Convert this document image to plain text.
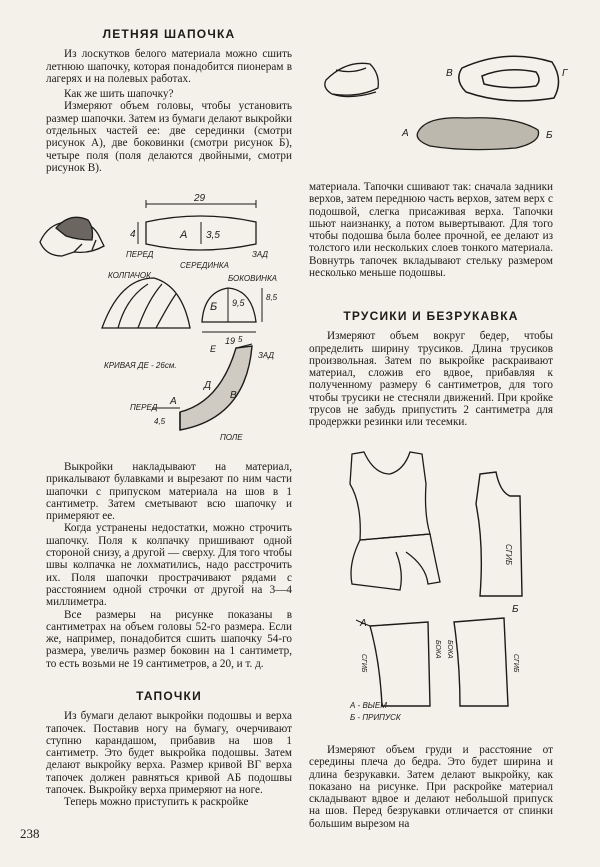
ЛЕТНЯЯ ШАПОЧКА

Из лоскутков белого материала можно сшить летнюю шапочку, которая понадобится пионерам в лагерях и на полевых работах.

Как же шить шапочку?

Измеряют объем головы, чтобы установить размер шапочки. Затем из бумаги делают выкройки отдельных частей ее: две серединки (смотри рисунок А), две боковинки (смотри рисунок Б), четыре поля (поля делаются двойными, смотри рисунок В).

29
4	3,5
А
ПЕРЕД
СЕРЕДИНКА
ЗАД
КОЛПАЧОК	БОКОВИНКА
Б 9,5
8,5
19
КРИВАЯ ДЕ - 26см.
Е
5
ЗАД
ПЕРЕД
А
Д
В
4,5
ПОЛЕ

Выкройки накладывают на материал, прикалывают булавками и вырезают по ним части шапочки с припуском материала на шов в 1 сантиметр. Затем сметывают всю шапочку и примеряют ее.

Когда устранены недостатки, можно строчить шапочку. Поля к колпачку пришивают одной стороной снизу, а другой — сверху. Для того чтобы швы колпачка не лохматились, надо расстрочить их. Поля шапочки прострачивают рядами с расстоянием одной строчки от другой на 3—4 миллиметра.

Все размеры на рисунке показаны в сантиметрах на объем головы 52-го размера. Если же, например, понадобится сшить шапочку 54-го размера, увеличь размер боковин на 1 сантиметр, то есть возьми не 19 сантиметров, а 20, и т. д.

ТАПОЧКИ

Из бумаги делают выкройки подошвы и верха тапочек. Поставив ногу на бумагу, очерчивают ступню карандашом, прибавив на шов 1 сантиметр. Это будет выкройка подошвы. Затем делают выкройку верха. Размер кривой ВГ верха тапочек должен равняться кривой АБ подошвы тапочек. Выкройку верха примеряют на ноге.

Теперь можно приступить к раскройке

238
В	Г
А	Б

материала. Тапочки сшивают так: сначала задники верхов, затем переднюю часть верхов, затем верх с подошвой, слегка присаживая верха. Тапочки шьют наизнанку, а потом вывертывают. Для того чтобы подошва была более прочной, ее делают из толстого или нескольких слоев тонкого материала. Вовнутрь тапочек вкладывают стельку размером несколько меньше подошвы.

ТРУСИКИ И БЕЗРУКАВКА

Измеряют объем вокруг бедер, чтобы определить ширину трусиков. Длина трусиков произвольная. Затем по выкройке раскраивают материал, сложив его вдвое, прибавляя к полученному размеру 6 сантиметров, для того чтобы трусики не стесняли движений. При кройке трусов не забудь припустить 2 сантиметра для продержки резинки или тесемки.

СГИБ
А
Б
СГИБ
БОКА БОКА
СГИБ
А - ВЫЕМ
Б - ПРИПУСК

Измеряют объем груди и расстояние от середины плеча до бедра. Это будет ширина и длина безрукавки. Затем делают выкройку, как показано на рисунке. При раскройке материал складывают вдвое и делают небольшой припуск на шов. Перед безрукавки отличается от спинки большим вырезом на
